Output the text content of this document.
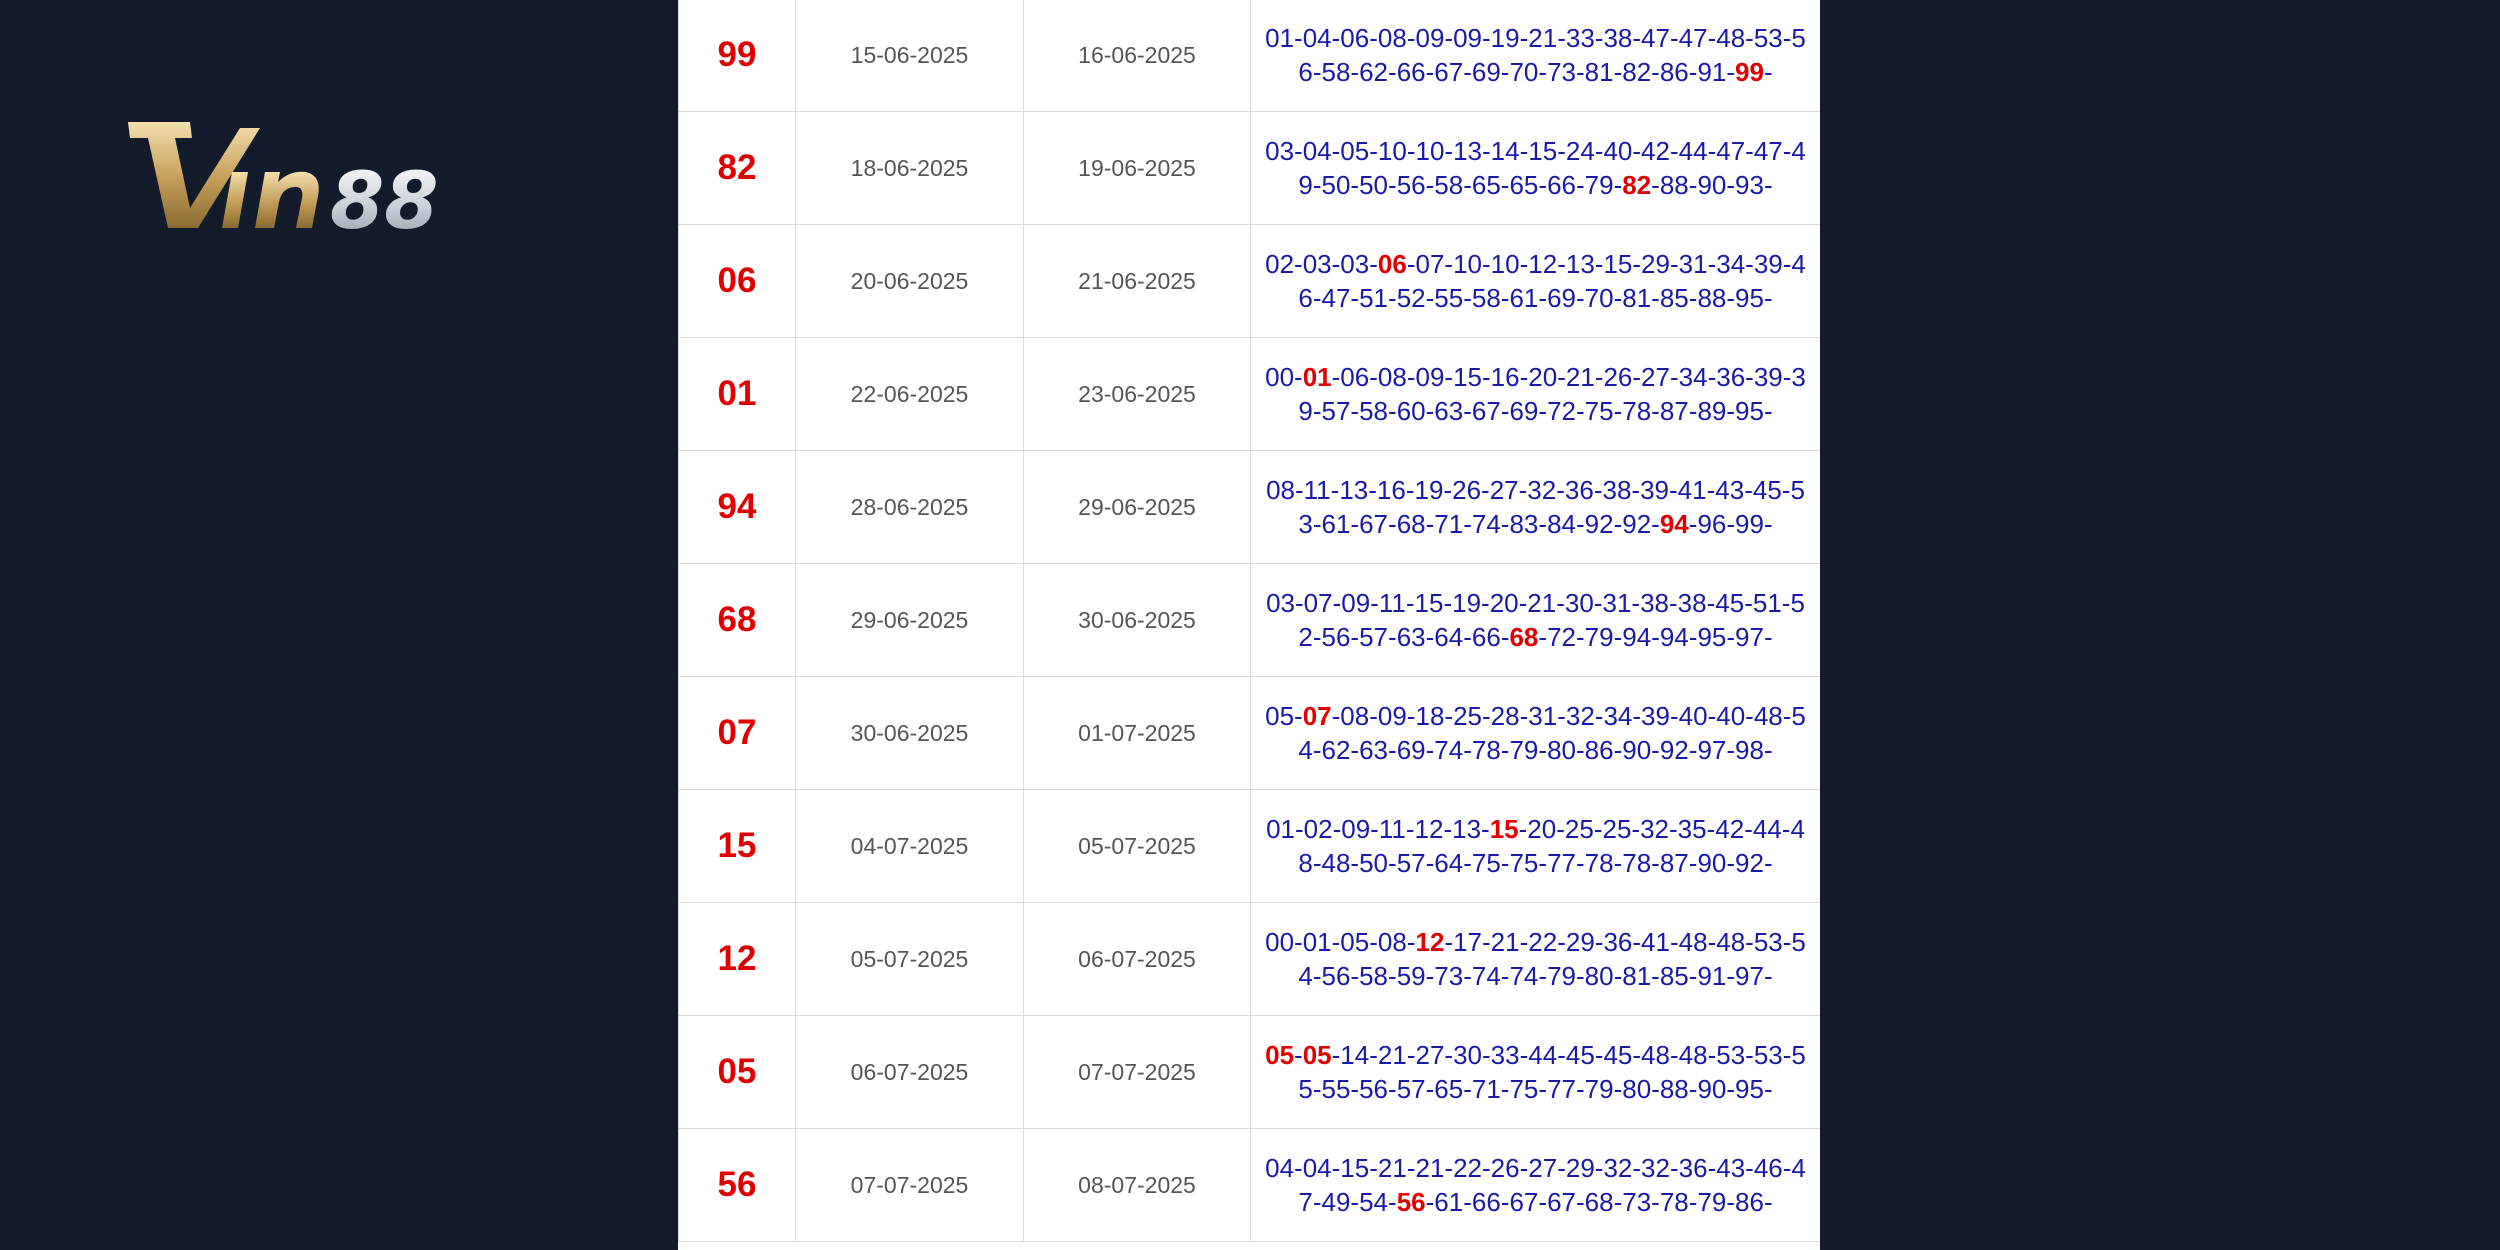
88
99	15-06-2025	16-06-2025	01-04-06-08-09-09-19-21-33-38-47-47-48-53-56-58-62-66-67-69-70-73-81-82-86-91-99-
82	18-06-2025	19-06-2025	03-04-05-10-10-13-14-15-24-40-42-44-47-47-49-50-50-56-58-65-65-66-79-82-88-90-93-
06	20-06-2025	21-06-2025	02-03-03-06-07-10-10-12-13-15-29-31-34-39-46-47-51-52-55-58-61-69-70-81-85-88-95-
01	22-06-2025	23-06-2025	00-01-06-08-09-15-16-20-21-26-27-34-36-39-39-57-58-60-63-67-69-72-75-78-87-89-95-
94	28-06-2025	29-06-2025	08-11-13-16-19-26-27-32-36-38-39-41-43-45-53-61-67-68-71-74-83-84-92-92-94-96-99-
68	29-06-2025	30-06-2025	03-07-09-11-15-19-20-21-30-31-38-38-45-51-52-56-57-63-64-66-68-72-79-94-94-95-97-
07	30-06-2025	01-07-2025	05-07-08-09-18-25-28-31-32-34-39-40-40-48-54-62-63-69-74-78-79-80-86-90-92-97-98-
15	04-07-2025	05-07-2025	01-02-09-11-12-13-15-20-25-25-32-35-42-44-48-48-50-57-64-75-75-77-78-78-87-90-92-
12	05-07-2025	06-07-2025	00-01-05-08-12-17-21-22-29-36-41-48-48-53-54-56-58-59-73-74-74-79-80-81-85-91-97-
05	06-07-2025	07-07-2025	05-05-14-21-27-30-33-44-45-45-48-48-53-53-55-55-56-57-65-71-75-77-79-80-88-90-95-
56	07-07-2025	08-07-2025	04-04-15-21-21-22-26-27-29-32-32-36-43-46-47-49-54-56-61-66-67-67-68-73-78-79-86-
